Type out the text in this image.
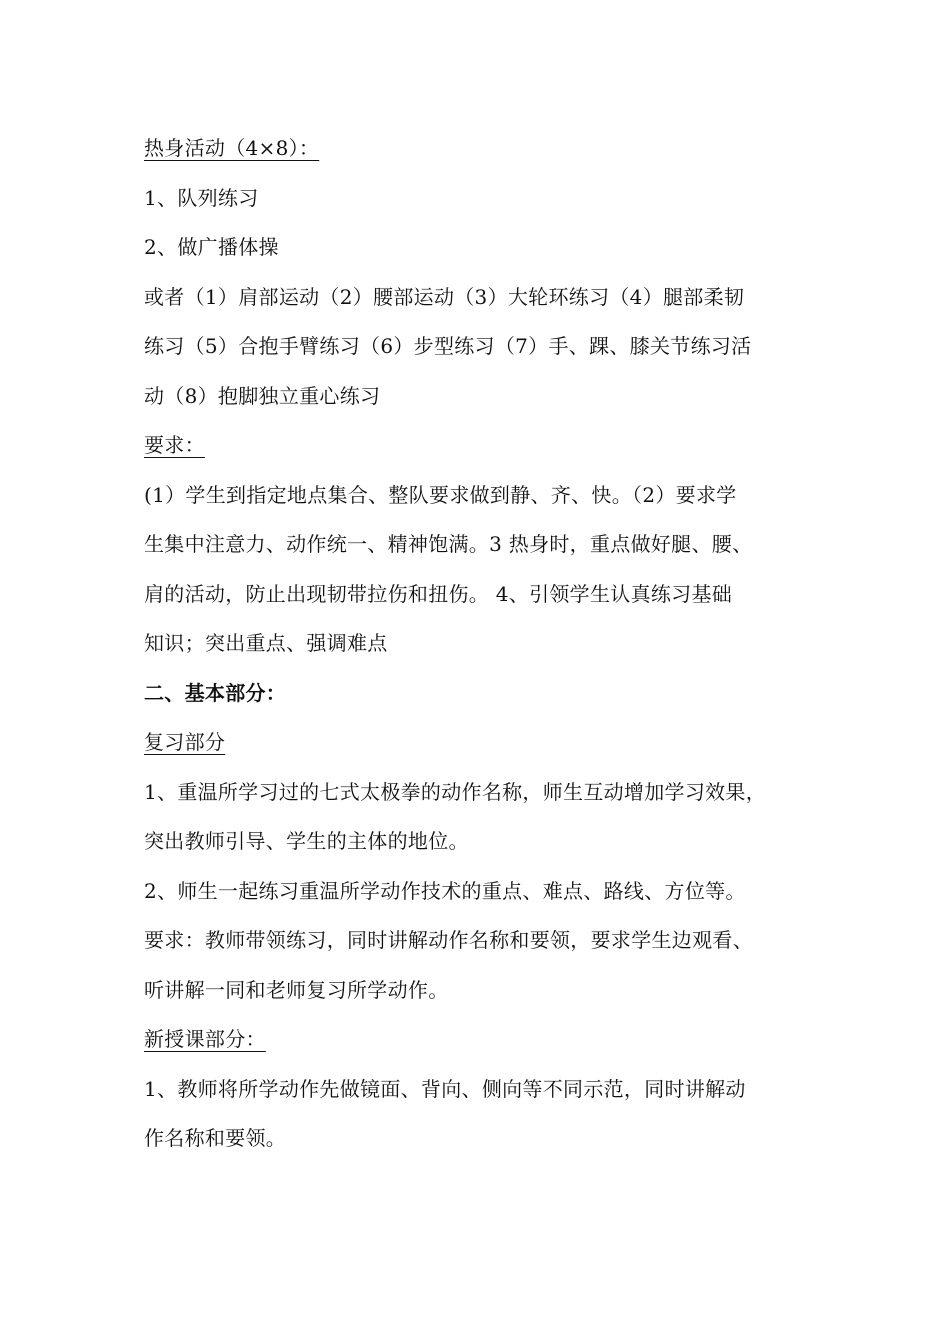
热身活动（4×8）：
1、队列练习
2、做广播体操
或者（1）肩部运动（2）腰部运动（3）大轮环练习（4）腿部柔韧
练习（5）合抱手臂练习（6）步型练习（7）手、踝、膝关节练习活
动（8）抱脚独立重心练习
要求：
(1）学生到指定地点集合、整队要求做到静、齐、快。（2）要求学
生集中注意力、动作统一、精神饱满。3 热身时，重点做好腿、腰、
肩的活动，防止出现韧带拉伤和扭伤。 4、引领学生认真练习基础
知识；突出重点、强调难点
二、基本部分：
复习部分
1、重温所学习过的七式太极拳的动作名称，师生互动增加学习效果，
突出教师引导、学生的主体的地位。
2、师生一起练习重温所学动作技术的重点、难点、路线、方位等。
要求：教师带领练习，同时讲解动作名称和要领，要求学生边观看、
听讲解一同和老师复习所学动作。
新授课部分：
1、教师将所学动作先做镜面、背向、侧向等不同示范，同时讲解动
作名称和要领。
